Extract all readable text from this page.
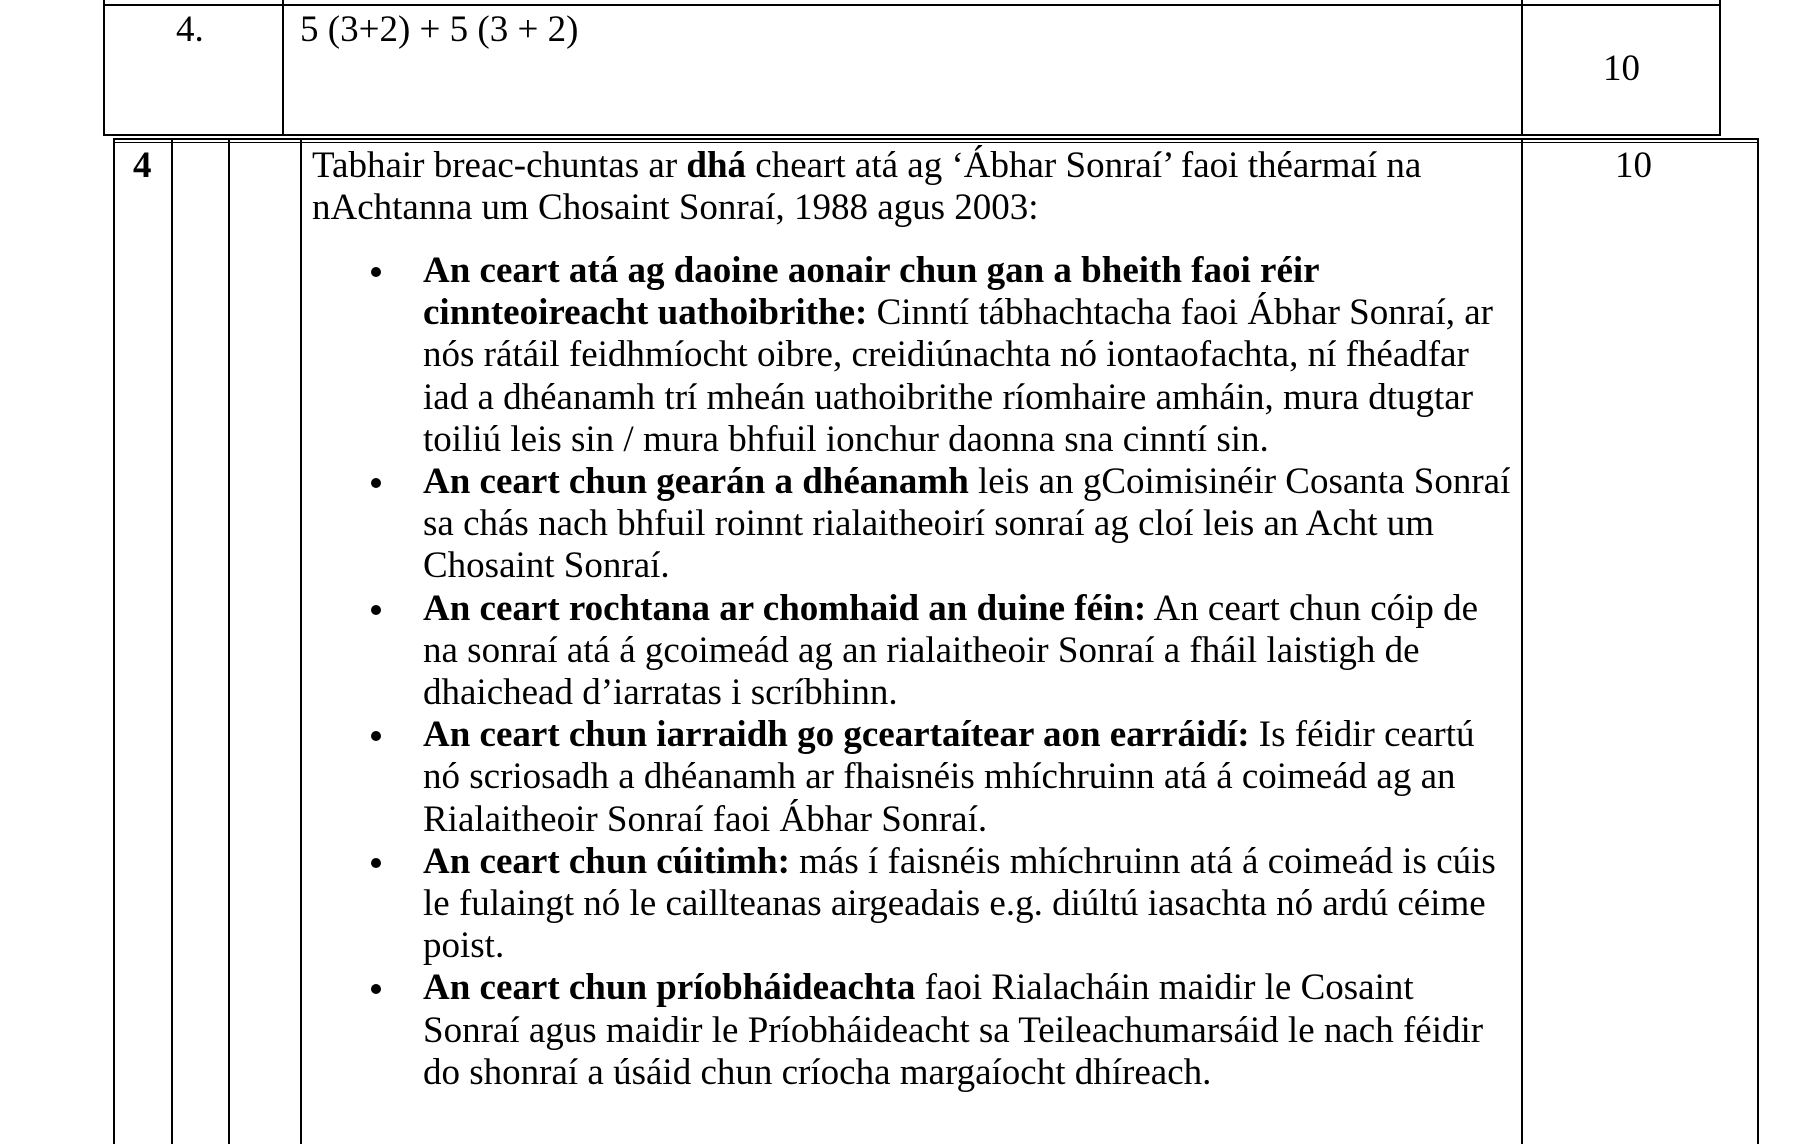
4.	5 (3+2) + 5 (3 + 2)
10
4	10
Tabhair breac-chuntas ar dhá cheart atá ag ‘Ábhar Sonraí’ faoi théarmaí na
nAchtanna um Chosaint Sonraí, 1988 agus 2003:
An ceart atá ag daoine aonair chun gan a bheith faoi réir
cinnteoireacht uathoibrithe: Cinntí tábhachtacha faoi Ábhar Sonraí, ar
nós rátáil feidhmíocht oibre, creidiúnachta nó iontaofachta, ní fhéadfar
iad a dhéanamh trí mheán uathoibrithe ríomhaire amháin, mura dtugtar
toiliú leis sin / mura bhfuil ionchur daonna sna cinntí sin.
An ceart chun gearán a dhéanamh leis an gCoimisinéir Cosanta Sonraí
sa chás nach bhfuil roinnt rialaitheoirí sonraí ag cloí leis an Acht um
Chosaint Sonraí.
An ceart rochtana ar chomhaid an duine féin: An ceart chun cóip de
na sonraí atá á gcoimeád ag an rialaitheoir Sonraí a fháil laistigh de
dhaichead d’iarratas i scríbhinn.
An ceart chun iarraidh go gceartaítear aon earráidí: Is féidir ceartú
nó scriosadh a dhéanamh ar fhaisnéis mhíchruinn atá á coimeád ag an
Rialaitheoir Sonraí faoi Ábhar Sonraí.
An ceart chun cúitimh: más í faisnéis mhíchruinn atá á coimeád is cúis
le fulaingt nó le caillteanas airgeadais e.g. diúltú iasachta nó ardú céime
poist.
An ceart chun príobháideachta faoi Rialacháin maidir le Cosaint
Sonraí agus maidir le Príobháideacht sa Teileachumarsáid le nach féidir
do shonraí a úsáid chun críocha margaíocht dhíreach.
